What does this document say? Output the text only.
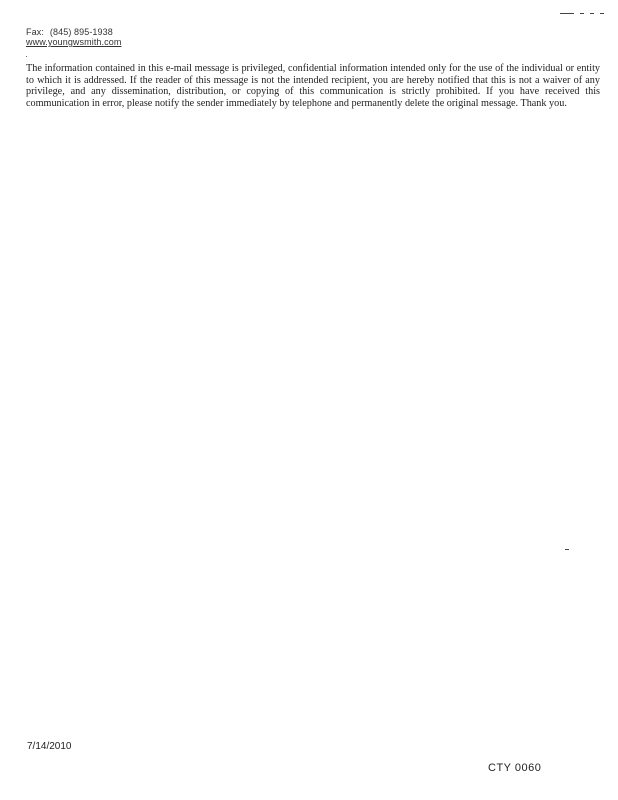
Fax: (845) 895-1938
www.youngwsmith.com

The information contained in this e-mail message is privileged, confidential information intended only for the use of the individual or entity to which it is addressed. If the reader of this message is not the intended recipient, you are hereby notified that this is not a waiver of any privilege, and any dissemination, distribution, or copying of this communication is strictly prohibited. If you have received this communication in error, please notify the sender immediately by telephone and permanently delete the original message. Thank you.

7/14/2010
CTY 0060
